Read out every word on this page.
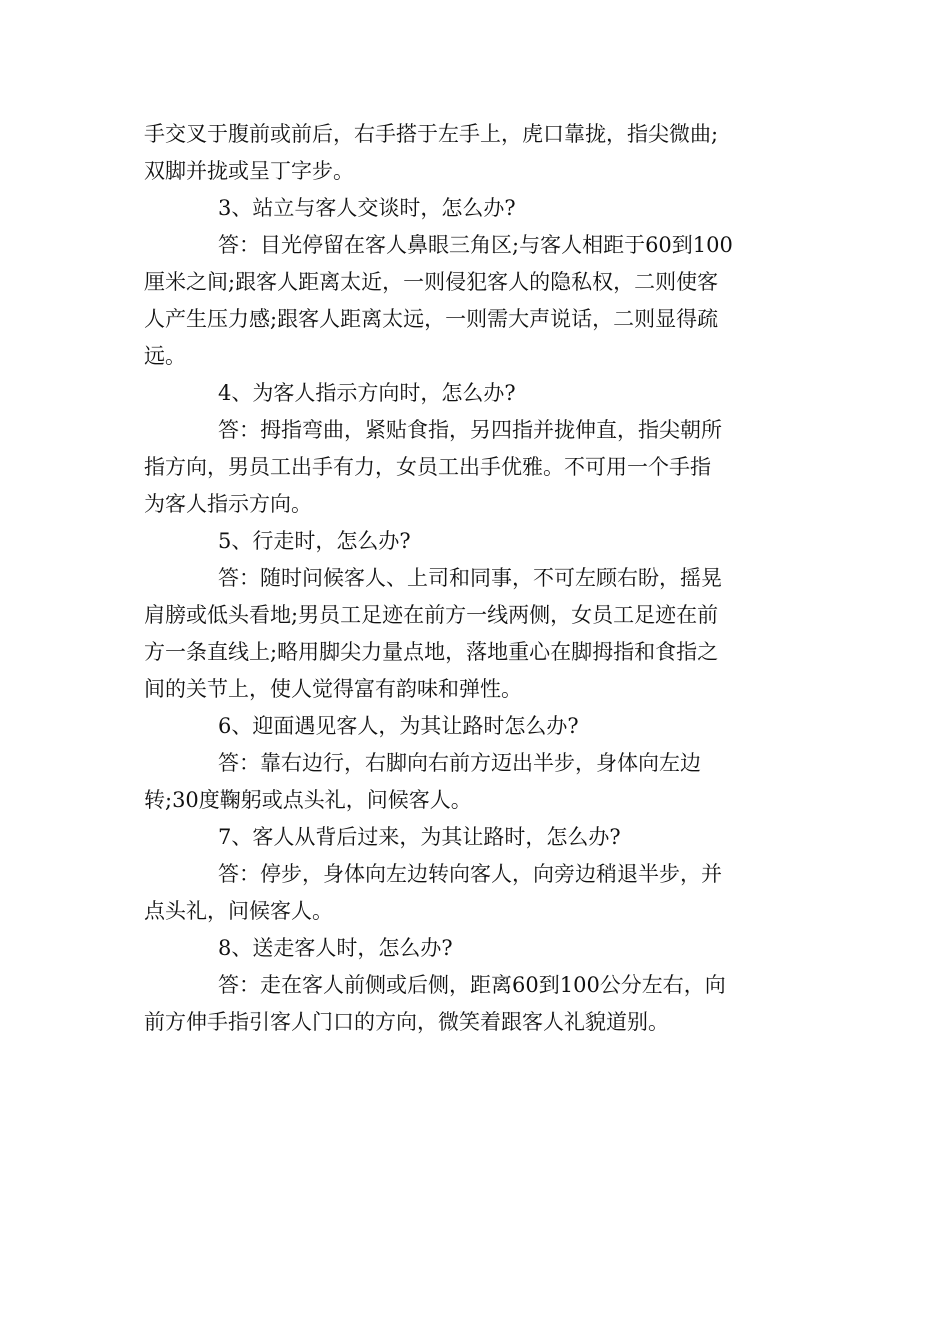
手交叉于腹前或前后，右手搭于左手上，虎口靠拢，指尖微曲;
双脚并拢或呈丁字步。
3、站立与客人交谈时，怎么办?
答：目光停留在客人鼻眼三角区;与客人相距于60到100
厘米之间;跟客人距离太近，一则侵犯客人的隐私权，二则使客
人产生压力感;跟客人距离太远，一则需大声说话，二则显得疏
远。
4、为客人指示方向时，怎么办?
答：拇指弯曲，紧贴食指，另四指并拢伸直，指尖朝所
指方向，男员工出手有力，女员工出手优雅。不可用一个手指
为客人指示方向。
5、行走时，怎么办?
答：随时问候客人、上司和同事，不可左顾右盼，摇晃
肩膀或低头看地;男员工足迹在前方一线两侧，女员工足迹在前
方一条直线上;略用脚尖力量点地，落地重心在脚拇指和食指之
间的关节上，使人觉得富有韵味和弹性。
6、迎面遇见客人，为其让路时怎么办?
答：靠右边行，右脚向右前方迈出半步，身体向左边
转;30度鞠躬或点头礼，问候客人。
7、客人从背后过来，为其让路时，怎么办?
答：停步，身体向左边转向客人，向旁边稍退半步，并
点头礼，问候客人。
8、送走客人时，怎么办?
答：走在客人前侧或后侧，距离60到100公分左右，向
前方伸手指引客人门口的方向，微笑着跟客人礼貌道别。
